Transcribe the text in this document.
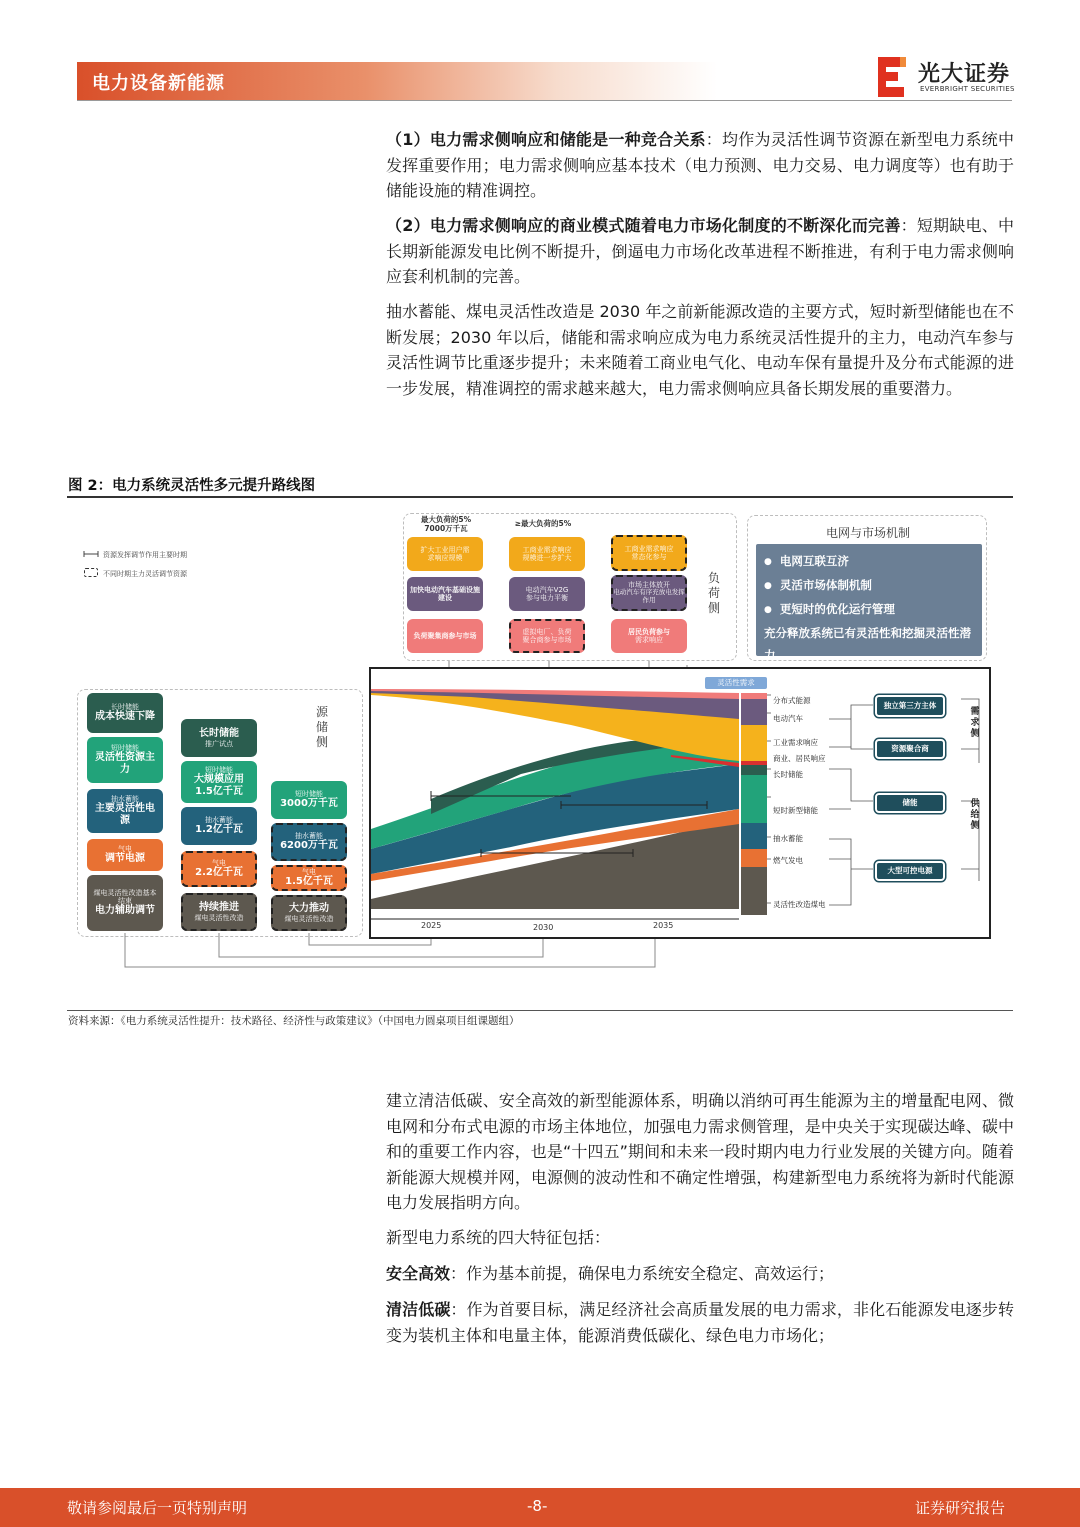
电力设备新能源	光大证券
EVERBRIGHT SECURITIES
（1）电力需求侧响应和储能是一种竞合关系：均作为灵活性调节资源在新型电力系统中发挥重要作用；电力需求侧响应基本技术（电力预测、电力交易、电力调度等）也有助于储能设施的精准调控。
（2）电力需求侧响应的商业模式随着电力市场化制度的不断深化而完善：短期缺电、中长期新能源发电比例不断提升，倒逼电力市场化改革进程不断推进，有利于电力需求侧响应套利机制的完善。
抽水蓄能、煤电灵活性改造是 2030 年之前新能源改造的主要方式，短时新型储能也在不断发展；2030 年以后，储能和需求响应成为电力系统灵活性提升的主力，电动汽车参与灵活性调节比重逐步提升；未来随着工商业电气化、电动车保有量提升及分布式能源的进一步发展，精准调控的需求越来越大，电力需求侧响应具备长期发展的重要潜力。
图 2：电力系统灵活性多元提升路线图
资源发挥调节作用主要时期
不同时期主力灵活调节资源	负荷侧
最大负荷的5%
7000万千瓦
≥最大负荷的5%
扩大工业用户需
求响应规模
加快电动汽车基础设施建设
负荷聚集商参与市场
工商业需求响应
规模进一步扩大
电动汽车V2G
参与电力平衡
虚拟电厂、负荷
聚合商参与市场
工商业需求响应
常态化参与
市场主体放开
电动汽车有序充放电发挥作用
居民负荷参与
需求响应
电网与市场机制
● 电网互联互济
● 灵活市场体制机制
● 更短时的优化运行管理
充分释放系统已有灵活性和挖掘灵活性潜力
源储侧
长时储能
成本快速下降
短时储能
灵活性资源主力
抽水蓄能
主要灵活性电源
气电
调节电源
煤电灵活性改造基本结束
电力辅助调节
长时储能
推广试点
短时储能
大规模应用
1.5亿千瓦
抽水蓄能
1.2亿千瓦
气电
2.2亿千瓦
持续推进
煤电灵活性改造
短时储能
3000万千瓦
抽水蓄能
6200万千瓦
气电
1.5亿千瓦
大力推动
煤电灵活性改造
灵活性需求
分布式能源
电动汽车
工业需求响应
商业、居民响应
长时储能
短时新型储能
抽水蓄能
燃气发电
灵活性改造煤电
独立第三方主体
资源聚合商
储能
大型可控电源
需求侧
供给侧
2025	2030	2035
资料来源：《电力系统灵活性提升：技术路径、经济性与政策建议》（中国电力圆桌项目组课题组）
建立清洁低碳、安全高效的新型能源体系，明确以消纳可再生能源为主的增量配电网、微电网和分布式电源的市场主体地位，加强电力需求侧管理，是中央关于实现碳达峰、碳中和的重要工作内容，也是“十四五”期间和未来一段时期内电力行业发展的关键方向。随着新能源大规模并网，电源侧的波动性和不确定性增强，构建新型电力系统将为新时代能源电力发展指明方向。
新型电力系统的四大特征包括：
安全高效：作为基本前提，确保电力系统安全稳定、高效运行；
清洁低碳：作为首要目标，满足经济社会高质量发展的电力需求，非化石能源发电逐步转变为装机主体和电量主体，能源消费低碳化、绿色电力市场化；
敬请参阅最后一页特别声明	-8-	证券研究报告
